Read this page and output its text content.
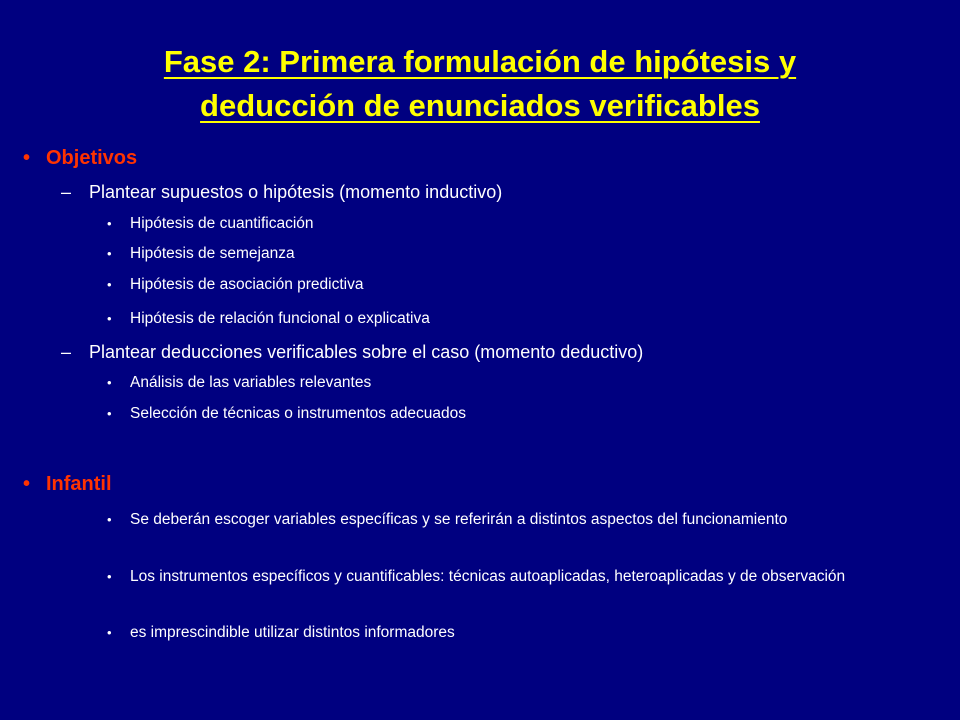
Fase 2: Primera formulación de hipótesis y
deducción de enunciados verificables
• Objetivos
– Plantear supuestos o hipótesis (momento inductivo)
• Hipótesis de cuantificación
• Hipótesis de semejanza
• Hipótesis de asociación predictiva
• Hipótesis de relación funcional o explicativa
– Plantear deducciones verificables sobre el caso (momento deductivo)
• Análisis de las variables relevantes
• Selección de técnicas o instrumentos adecuados
• Infantil
• Se deberán escoger variables específicas y se referirán a distintos aspectos del funcionamiento
• Los instrumentos específicos y cuantificables: técnicas autoaplicadas, heteroaplicadas y de observación
• es imprescindible utilizar distintos informadores
